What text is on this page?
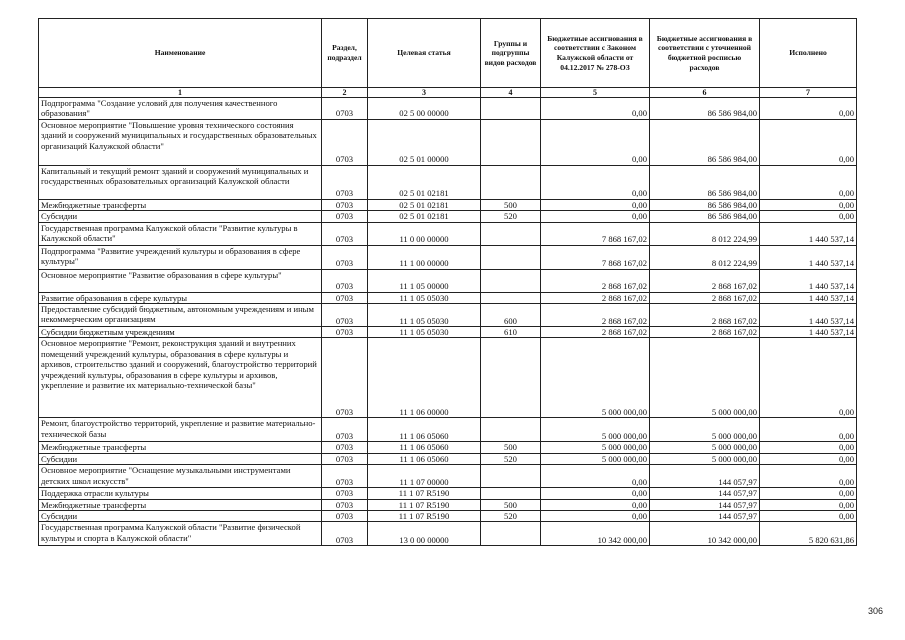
Наименование	Раздел, подраздел	Целевая статья	Группы и подгруппы видов расходов	Бюджетные ассигнования в соответствии с Законом Калужской области от 04.12.2017 № 278-ОЗ	Бюджетные ассигнования в соответствии с уточненной бюджетной росписью расходов	Исполнено
1	2	3	4	5	6	7
Подпрограмма "Создание условий для получения качественного образования"	0703	02 5 00 00000		0,00	86 586 984,00	0,00
Основное мероприятие "Повышение уровня технического состояния зданий и сооружений муниципальных и государственных образовательных организаций Калужской области"	0703	02 5 01 00000		0,00	86 586 984,00	0,00
Капитальный и текущий ремонт зданий и сооружений муниципальных и государственных образовательных организаций Калужской области	0703	02 5 01 02181		0,00	86 586 984,00	0,00
Межбюджетные трансферты	0703	02 5 01 02181	500	0,00	86 586 984,00	0,00
Субсидии	0703	02 5 01 02181	520	0,00	86 586 984,00	0,00
Государственная программа Калужской области "Развитие культуры в Калужской области"	0703	11 0 00 00000		7 868 167,02	8 012 224,99	1 440 537,14
Подпрограмма "Развитие учреждений культуры и образования в сфере культуры"	0703	11 1 00 00000		7 868 167,02	8 012 224,99	1 440 537,14
Основное мероприятие "Развитие образования в сфере культуры"	0703	11 1 05 00000		2 868 167,02	2 868 167,02	1 440 537,14
Развитие образования в сфере культуры	0703	11 1 05 05030		2 868 167,02	2 868 167,02	1 440 537,14
Предоставление субсидий бюджетным, автономным учреждениям и иным некоммерческим организациям	0703	11 1 05 05030	600	2 868 167,02	2 868 167,02	1 440 537,14
Субсидии бюджетным учреждениям	0703	11 1 05 05030	610	2 868 167,02	2 868 167,02	1 440 537,14
Основное мероприятие "Ремонт, реконструкция зданий и внутренних помещений учреждений культуры, образования в сфере культуры и архивов, строительство зданий и сооружений, благоустройство территорий учреждений культуры, образования в сфере культуры и архивов, укрепление и развитие их материально-технической базы"	0703	11 1 06 00000		5 000 000,00	5 000 000,00	0,00
Ремонт, благоустройство территорий, укрепление и развитие материально-технической базы	0703	11 1 06 05060		5 000 000,00	5 000 000,00	0,00
Межбюджетные трансферты	0703	11 1 06 05060	500	5 000 000,00	5 000 000,00	0,00
Субсидии	0703	11 1 06 05060	520	5 000 000,00	5 000 000,00	0,00
Основное мероприятие "Оснащение музыкальными инструментами детских школ искусств"	0703	11 1 07 00000		0,00	144 057,97	0,00
Поддержка отрасли культуры	0703	11 1 07 R5190		0,00	144 057,97	0,00
Межбюджетные трансферты	0703	11 1 07 R5190	500	0,00	144 057,97	0,00
Субсидии	0703	11 1 07 R5190	520	0,00	144 057,97	0,00
Государственная программа Калужской области "Развитие физической культуры и спорта в Калужской области"	0703	13 0 00 00000		10 342 000,00	10 342 000,00	5 820 631,86
306
